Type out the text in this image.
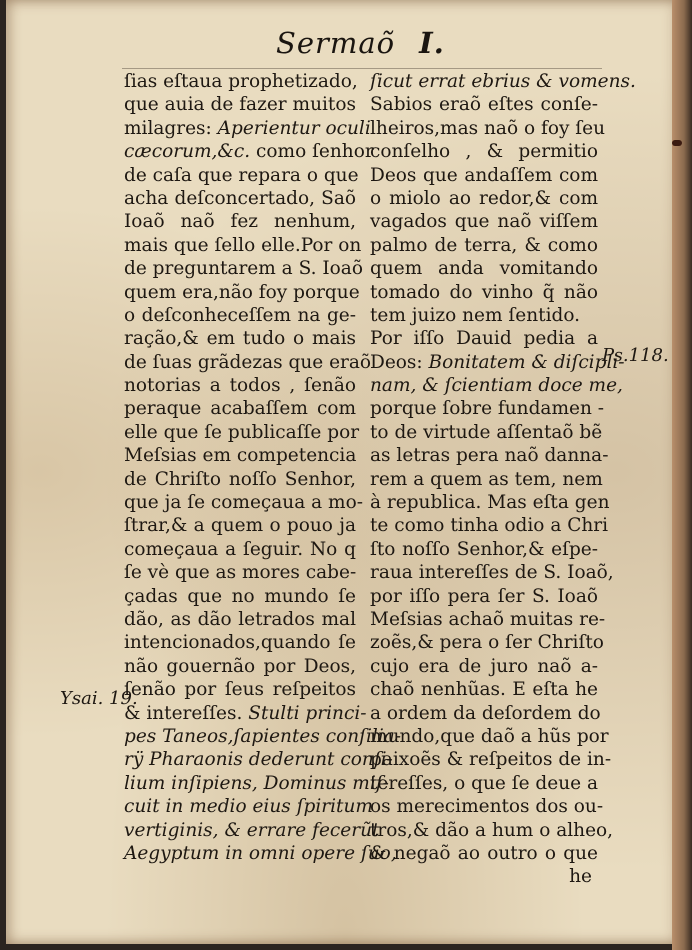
Sermaõ I.
ſias eſtaua prophetizado,
que auia de fazer muitos
milagres: Aperientur oculi
cæcorum,&c. como ſenhor
de caſa que repara o que
acha deſconcertado, Saõ
Ioaõ naõ fez nenhum,
mais que ſello elle.Por on
de preguntarem a S. Ioaõ
quem era,não foy porque
o deſconheceſſem na ge-
ração,& em tudo o mais
de ſuas grãdezas que eraõ
notorias a todos , ſenão
peraque acabaſſem com
elle que ſe publicaſſe por
Meſsias em competencia
de Chriſto noſſo Senhor,
que ja ſe começaua a mo-
ſtrar,& a quem o pouo ja
começaua a ſeguir. No q
ſe vè que as mores cabe-
çadas que no mundo ſe
dão, as dão letrados mal
intencionados,quando ſe
não gouernão por Deos,
ſenão por ſeus reſpeitos
& intereſſes. Stulti princi-
pes Taneos,ſapientes conſilia-
rÿ Pharaonis dederunt conſi-
lium inſipiens, Dominus miſ-
cuit in medio eius ſpiritum
vertiginis, & errare fecerũt
Aegyptum in omni opere ſuo,
ſicut errat ebrius & vomens.
Sabios eraõ eſtes conſe-
lheiros,mas naõ o foy ſeu
conſelho , & permitio
Deos que andaſſem com
o miolo ao redor,& com
vagados que naõ viſſem
palmo de terra, & como
quem anda vomitando
tomado do vinho q̃ não
tem juizo nem ſentido.
Por iſſo Dauid pedia a
Deos: Bonitatem & diſcipli-
nam, & ſcientiam doce me,
porque ſobre fundamen -
to de virtude aſſentaõ bẽ
as letras pera naõ danna-
rem a quem as tem, nem
à republica. Mas eſta gen
te como tinha odio a Chri
ſto noſſo Senhor,& eſpe-
raua intereſſes de S. Ioaõ,
por iſſo pera ſer S. Ioaõ
Meſsias achaõ muitas re-
zoẽs,& pera o ſer Chriſto
cujo era de juro naõ a-
chaõ nenhũas. E eſta he
a ordem da deſordem do
mundo,que daõ a hũs por
paixoẽs & reſpeitos de in-
tereſſes, o que ſe deue a
os merecimentos dos ou-
tros,& dão a hum o alheo,
& negaõ ao outro o que
he
Ysai. 19.
Ps.118.
